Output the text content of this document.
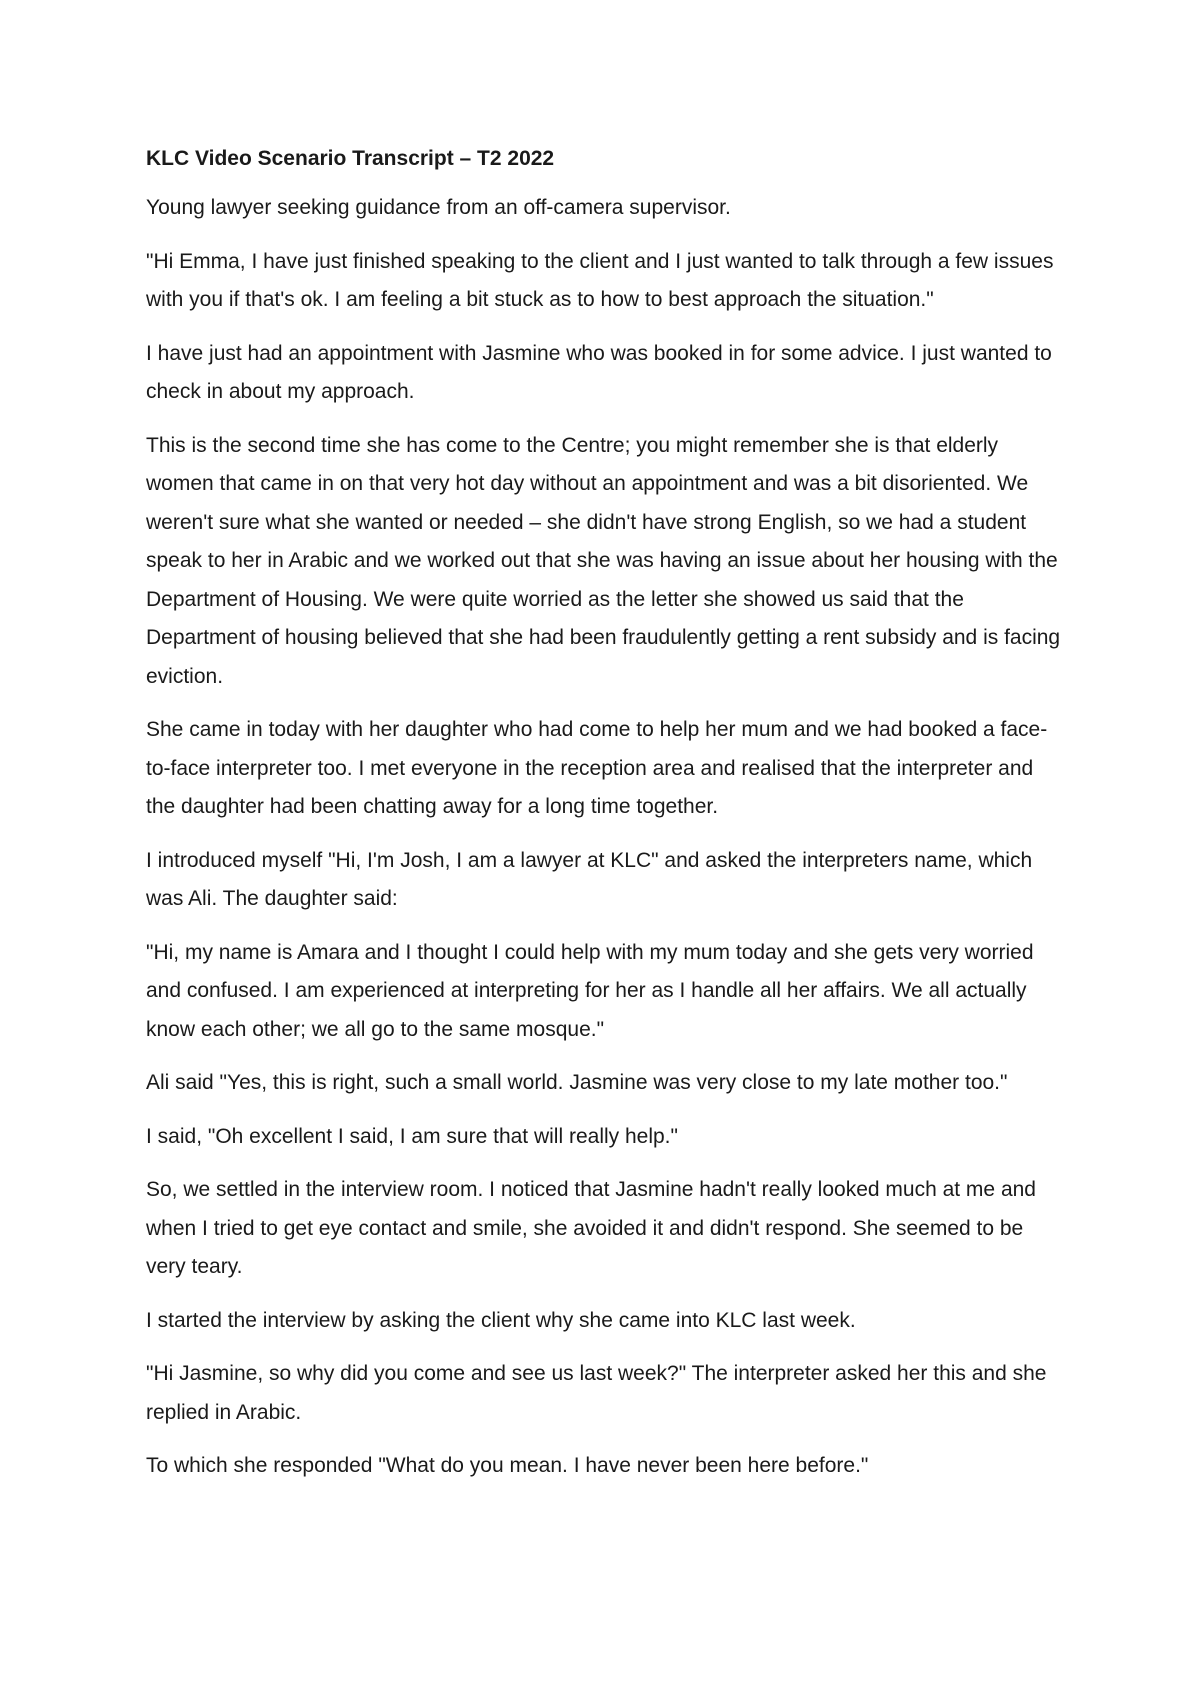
KLC Video Scenario Transcript – T2 2022
Young lawyer seeking guidance from an off-camera supervisor.
"Hi Emma, I have just finished speaking to the client and I just wanted to talk through a few issues with you if that's ok. I am feeling a bit stuck as to how to best approach the situation."
I have just had an appointment with Jasmine who was booked in for some advice. I just wanted to check in about my approach.
This is the second time she has come to the Centre; you might remember she is that elderly women that came in on that very hot day without an appointment and was a bit disoriented. We weren't sure what she wanted or needed – she didn't have strong English, so we had a student speak to her in Arabic and we worked out that she was having an issue about her housing with the Department of Housing. We were quite worried as the letter she showed us said that the Department of housing believed that she had been fraudulently getting a rent subsidy and is facing eviction.
She came in today with her daughter who had come to help her mum and we had booked a face-to-face interpreter too. I met everyone in the reception area and realised that the interpreter and the daughter had been chatting away for a long time together.
I introduced myself "Hi, I'm Josh, I am a lawyer at KLC" and asked the interpreters name, which was Ali. The daughter said:
"Hi, my name is Amara and I thought I could help with my mum today and she gets very worried and confused. I am experienced at interpreting for her as I handle all her affairs. We all actually know each other; we all go to the same mosque."
Ali said "Yes, this is right, such a small world. Jasmine was very close to my late mother too."
I said, "Oh excellent I said, I am sure that will really help."
So, we settled in the interview room. I noticed that Jasmine hadn't really looked much at me and when I tried to get eye contact and smile, she avoided it and didn't respond. She seemed to be very teary.
I started the interview by asking the client why she came into KLC last week.
"Hi Jasmine, so why did you come and see us last week?" The interpreter asked her this and she replied in Arabic.
To which she responded "What do you mean. I have never been here before."
